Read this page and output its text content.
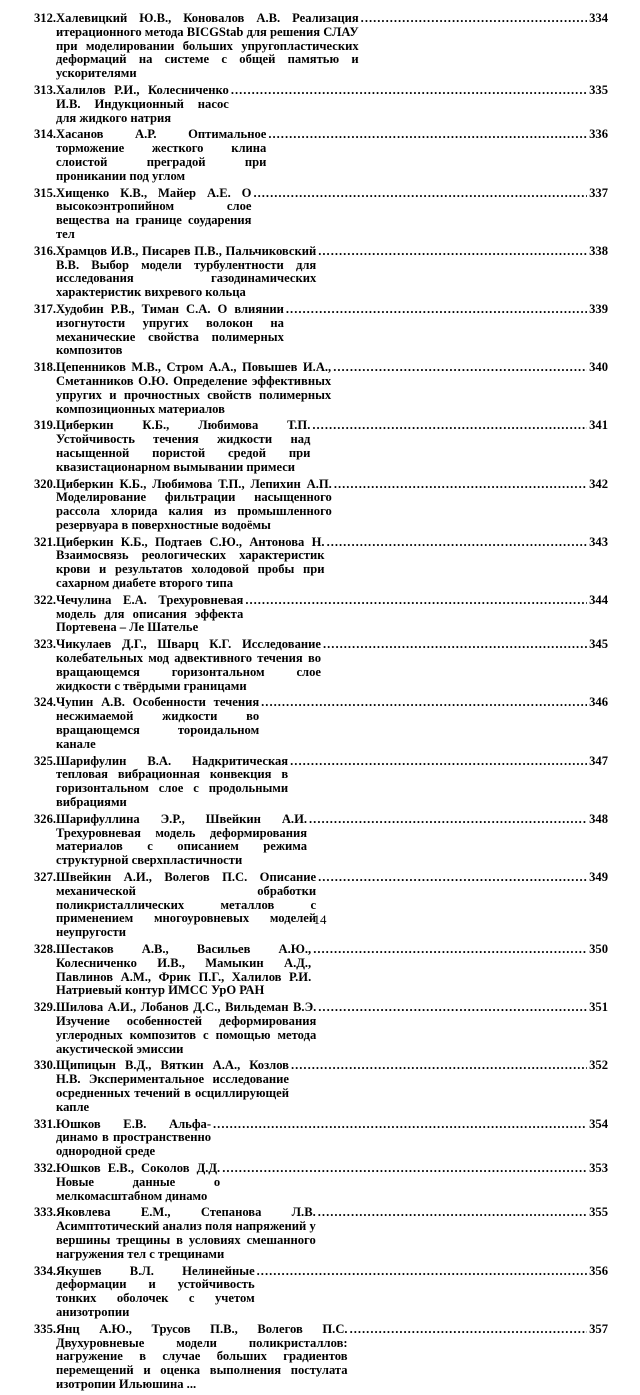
312. Халевицкий Ю.В., Коновалов А.В. Реализация итерационного метода BICGStab для решения СЛАУ при моделировании больших упругопластических деформаций на системе с общей памятью и ускорителями
.....
334
313. Халилов Р.И., Колесниченко И.В. Индукционный насос для жидкого натрия
.....
335
314. Хасанов А.Р. Оптимальное торможение жесткого клина слоистой преградой при проникании под углом
.....
336
315. Хищенко К.В., Майер А.Е. О высокоэнтропийном слое вещества на границе соударения тел
.....
337
316. Храмцов И.В., Писарев П.В., Пальчиковский В.В. Выбор модели турбулентности для исследования газодинамических характеристик вихревого кольца
.....
338
317. Худобин Р.В., Тиман С.А. О влиянии изогнутости упругих волокон на механические свойства полимерных композитов
.....
339
318. Цепенников М.В., Стром А.А., Повышев И.А., Сметанников О.Ю. Определение эффективных упругих и прочностных свойств полимерных композиционных материалов
.....
340
319. Циберкин К.Б., Любимова Т.П. Устойчивость течения жидкости над насыщенной пористой средой при квазистационарном вымывании примеси
.....
341
320. Циберкин К.Б., Любимова Т.П., Лепихин А.П. Моделирование фильтрации насыщенного рассола хлорида калия из промышленного резервуара в поверхностные водоёмы
.....
342
321. Циберкин К.Б., Подтаев С.Ю., Антонова Н. Взаимосвязь реологических характеристик крови и результатов холодовой пробы при сахарном диабете второго типа
.....
343
322. Чечулина Е.А. Трехуровневая модель для описания эффекта Портевена – Ле Шателье
.....
344
323. Чикулаев Д.Г., Шварц К.Г. Исследование колебательных мод адвективного течения во вращающемся горизонтальном слое жидкости с твёрдыми границами
.....
345
324. Чупин А.В. Особенности течения несжимаемой жидкости во вращающемся тороидальном канале
.....
346
325. Шарифулин В.А. Надкритическая тепловая вибрационная конвекция в горизонтальном слое с продольными вибрациями
.....
347
326. Шарифуллина Э.Р., Швейкин А.И. Трехуровневая модель деформирования материалов с описанием режима структурной сверхпластичности
.....
348
327. Швейкин А.И., Волегов П.С. Описание механической обработки поликристаллических металлов с применением многоуровневых моделей неупругости
.....
349
328. Шестаков А.В., Васильев А.Ю., Колесниченко И.В., Мамыкин А.Д., Павлинов А.М., Фрик П.Г., Халилов Р.И. Натриевый контур ИМСС УрО РАН
.....
350
329. Шилова А.И., Лобанов Д.С., Вильдеман В.Э. Изучение особенностей деформирования углеродных композитов с помощью метода акустической эмиссии
.....
351
330. Щипицын В.Д., Вяткин А.А., Козлов Н.В. Экспериментальное исследование осредненных течений в осциллирующей капле
.....
352
331. Юшков Е.В. Альфа-динамо в пространственно однородной среде
.....
354
332. Юшков Е.В., Соколов Д.Д. Новые данные о мелкомасштабном динамо
.....
353
333. Яковлева Е.М., Степанова Л.В. Асимптотический анализ поля напряжений у вершины трещины в условиях смешанного нагружения тел с трещинами
.....
355
334. Якушев В.Л. Нелинейные деформации и устойчивость тонких оболочек с учетом анизотропии
.....
356
335. Янц А.Ю., Трусов П.В., Волегов П.С. Двухуровневые модели поликристаллов: нагружение в случае больших градиентов перемещений и оценка выполнения постулата изотропии Ильюшина ...
.....
357
14
